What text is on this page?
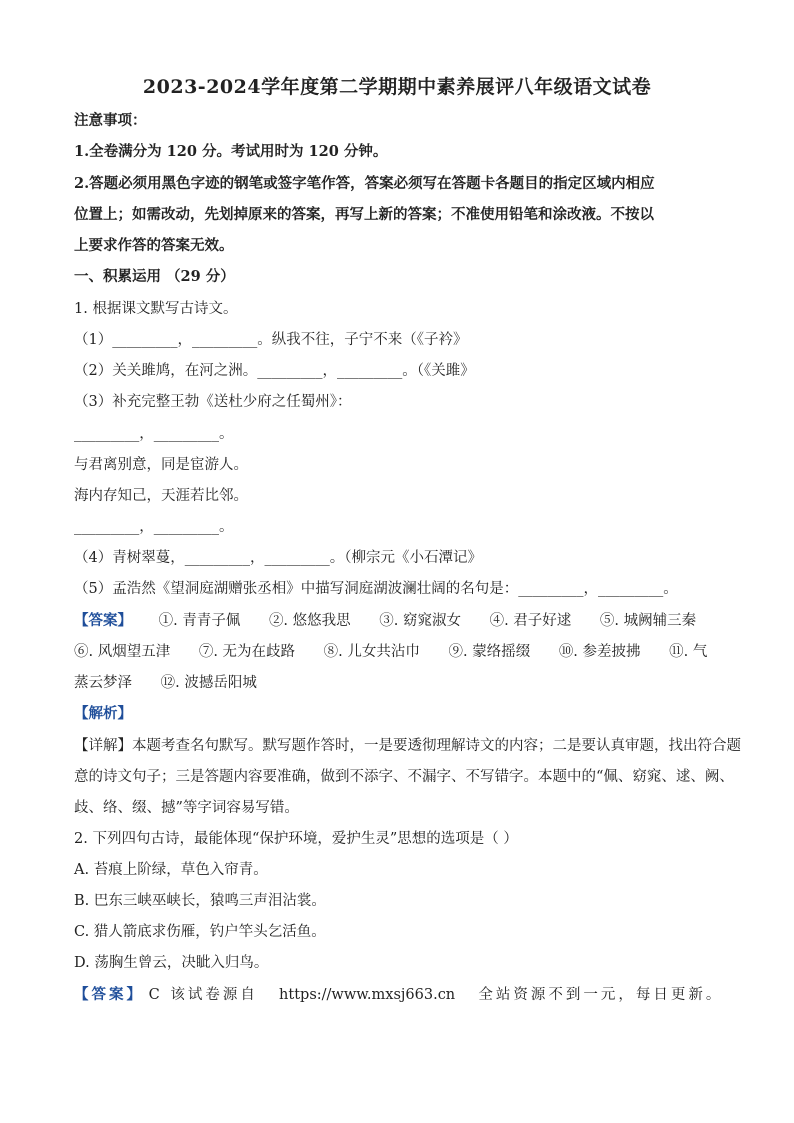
2023-2024学年度第二学期期中素养展评八年级语文试卷
注意事项：
1.全卷满分为 120 分。考试用时为 120 分钟。
2.答题必须用黑色字迹的钢笔或签字笔作答，答案必须写在答题卡各题目的指定区域内相应
位置上；如需改动，先划掉原来的答案，再写上新的答案；不准使用铅笔和涂改液。不按以
上要求作答的答案无效。
一、积累运用 （29 分）
1. 根据课文默写古诗文。
（1）_________，_________。纵我不往，子宁不来（《子衿》
（2）关关雎鸠，在河之洲。_________，_________。（《关雎》
（3）补充完整王勃《送杜少府之任蜀州》：
_________，_________。
与君离别意，同是宦游人。
海内存知己，天涯若比邻。
_________，_________。
（4）青树翠蔓，_________，_________。（柳宗元《小石潭记》
（5）孟浩然《望洞庭湖赠张丞相》中描写洞庭湖波澜壮阔的名句是：_________，_________。
【答案】 ①. 青青子佩 ②. 悠悠我思 ③. 窈窕淑女 ④. 君子好逑 ⑤. 城阙辅三秦
⑥. 风烟望五津 ⑦. 无为在歧路 ⑧. 儿女共沾巾 ⑨. 蒙络摇缀 ⑩. 参差披拂 ⑪. 气
蒸云梦泽 ⑫. 波撼岳阳城
【解析】
【详解】本题考查名句默写。默写题作答时，一是要透彻理解诗文的内容；二是要认真审题，找出符合题
意的诗文句子；三是答题内容要准确，做到不添字、不漏字、不写错字。本题中的“佩、窈窕、逑、阙、
歧、络、缀、撼”等字词容易写错。
2. 下列四句古诗，最能体现“保护环境，爱护生灵”思想的选项是（ ）
A. 苔痕上阶绿，草色入帘青。
B. 巴东三峡巫峡长，猿鸣三声泪沾裳。
C. 猎人箭底求伤雁，钓户竿头乞活鱼。
D. 荡胸生曾云，决眦入归鸟。
【答案】 C 该试卷源自 https://www.mxsj663.cn 全站资源不到一元，每日更新。
